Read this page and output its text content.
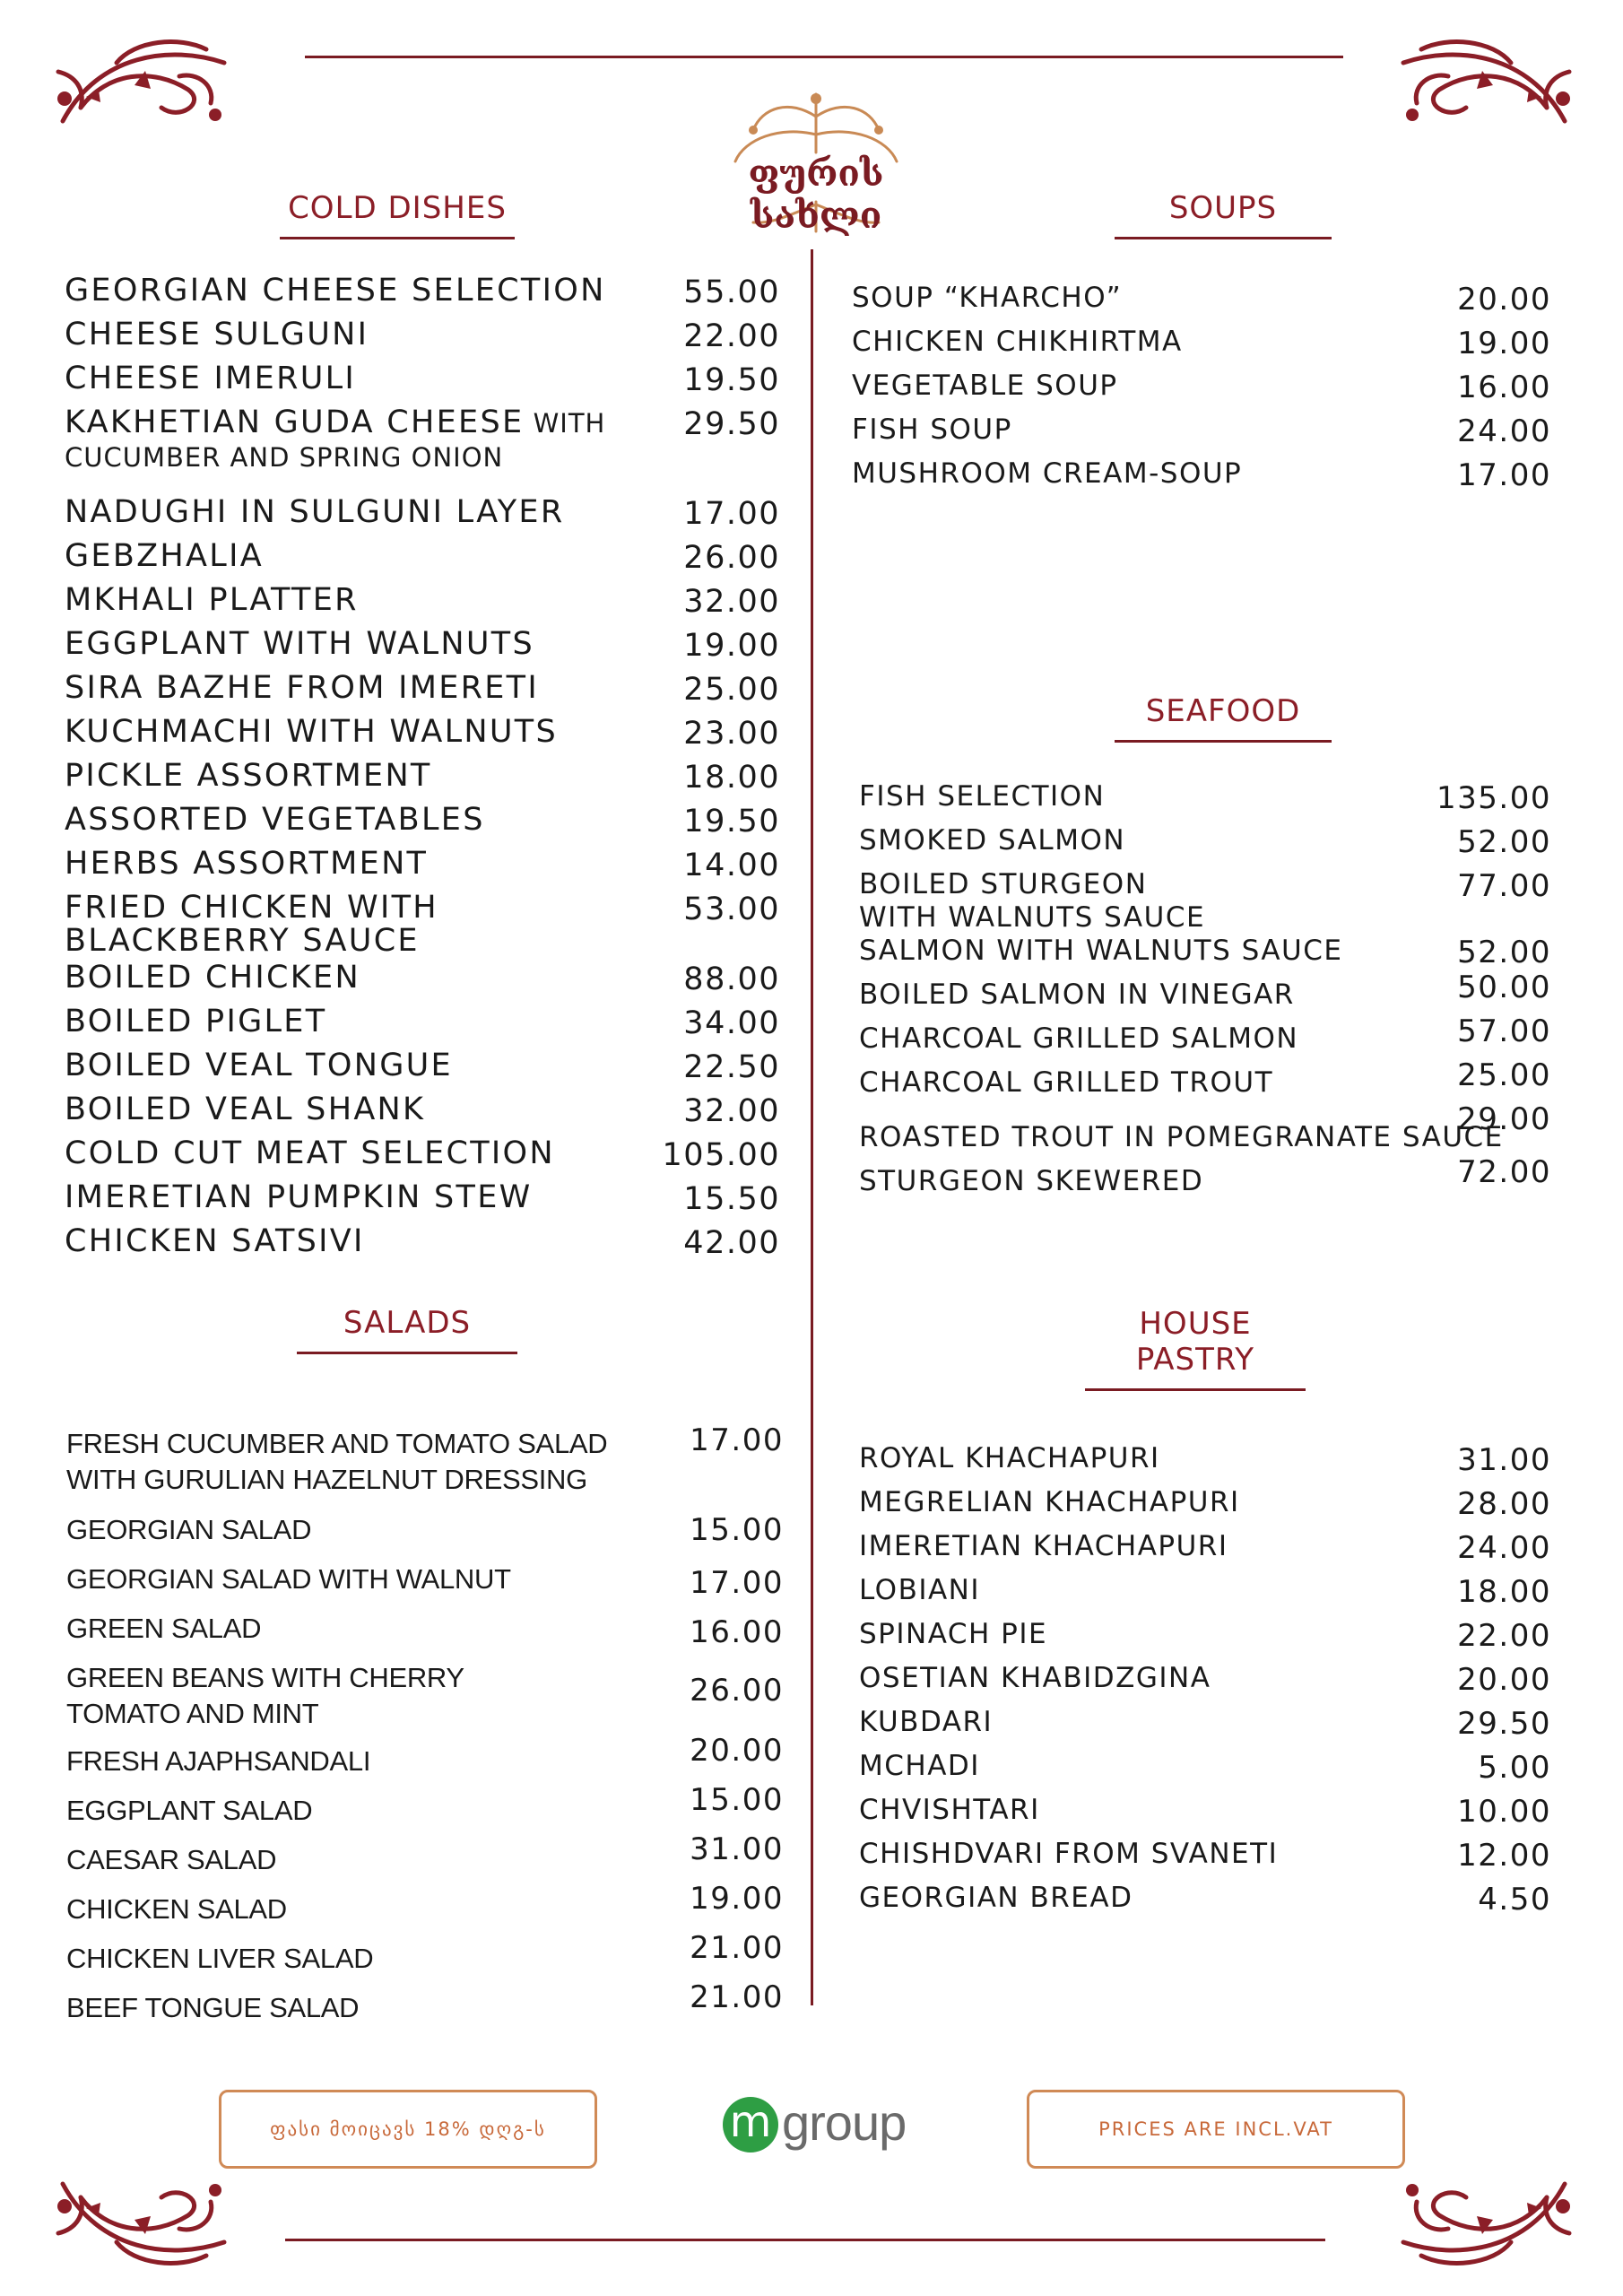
ფურის სახლი
COLD DISHES	SOUPS
SEAFOOD
SALADS	HOUSE PASTRY
GEORGIAN CHEESE SELECTION 55.00
CHEESE SULGUNI	22.00
CHEESE IMERULI	19.50
KAKHETIAN GUDA CHEESE WITH CUCUMBER AND SPRING ONION
29.50
NADUGHI IN SULGUNI LAYER	17.00
GEBZHALIA	26.00
MKHALI PLATTER	32.00
EGGPLANT WITH WALNUTS	19.00
SIRA BAZHE FROM IMERETI	25.00
KUCHMACHI WITH WALNUTS	23.00
PICKLE ASSORTMENT	18.00
ASSORTED VEGETABLES	19.50
HERBS ASSORTMENT	14.00
FRIED CHICKEN WITH BLACKBERRY SAUCE
53.00
BOILED CHICKEN	88.00
BOILED PIGLET	34.00
BOILED VEAL TONGUE	22.50
BOILED VEAL SHANK	32.00
COLD CUT MEAT SELECTION	105.00
IMERETIAN PUMPKIN STEW	15.50
CHICKEN SATSIVI	42.00
SOUP “KHARCHO”	20.00
CHICKEN CHIKHIRTMA	19.00
VEGETABLE SOUP	16.00
FISH SOUP	24.00
MUSHROOM CREAM-SOUP	17.00
FISH SELECTION	135.00
SMOKED SALMON	52.00
BOILED STURGEON WITH WALNUTS SAUCE
77.00
SALMON WITH WALNUTS SAUCE	52.00
BOILED SALMON IN VINEGAR	50.00
CHARCOAL GRILLED SALMON	57.00
CHARCOAL GRILLED TROUT	25.00
ROASTED TROUT IN POMEGRANATE SAUCE
29.00
STURGEON SKEWERED	72.00
FRESH CUCUMBER AND TOMATO SALAD WITH GURULIAN HAZELNUT DRESSING
17.00
GEORGIAN SALAD	15.00
GEORGIAN SALAD WITH WALNUT	17.00
GREEN SALAD	16.00
GREEN BEANS WITH CHERRY TOMATO AND MINT
26.00
FRESH AJAPHSANDALI	20.00
EGGPLANT SALAD	15.00
CAESAR SALAD	31.00
CHICKEN SALAD	19.00
CHICKEN LIVER SALAD	21.00
BEEF TONGUE SALAD	21.00
ROYAL KHACHAPURI	31.00
MEGRELIAN KHACHAPURI	28.00
IMERETIAN KHACHAPURI	24.00
LOBIANI	18.00
SPINACH PIE	22.00
OSETIAN KHABIDZGINA	20.00
KUBDARI	29.50
MCHADI	5.00
CHVISHTARI	10.00
CHISHDVARI FROM SVANETI	12.00
GEORGIAN BREAD	4.50
ფასი მოიცავს 18% დღგ-ს	PRICES ARE INCL.VAT
m group
